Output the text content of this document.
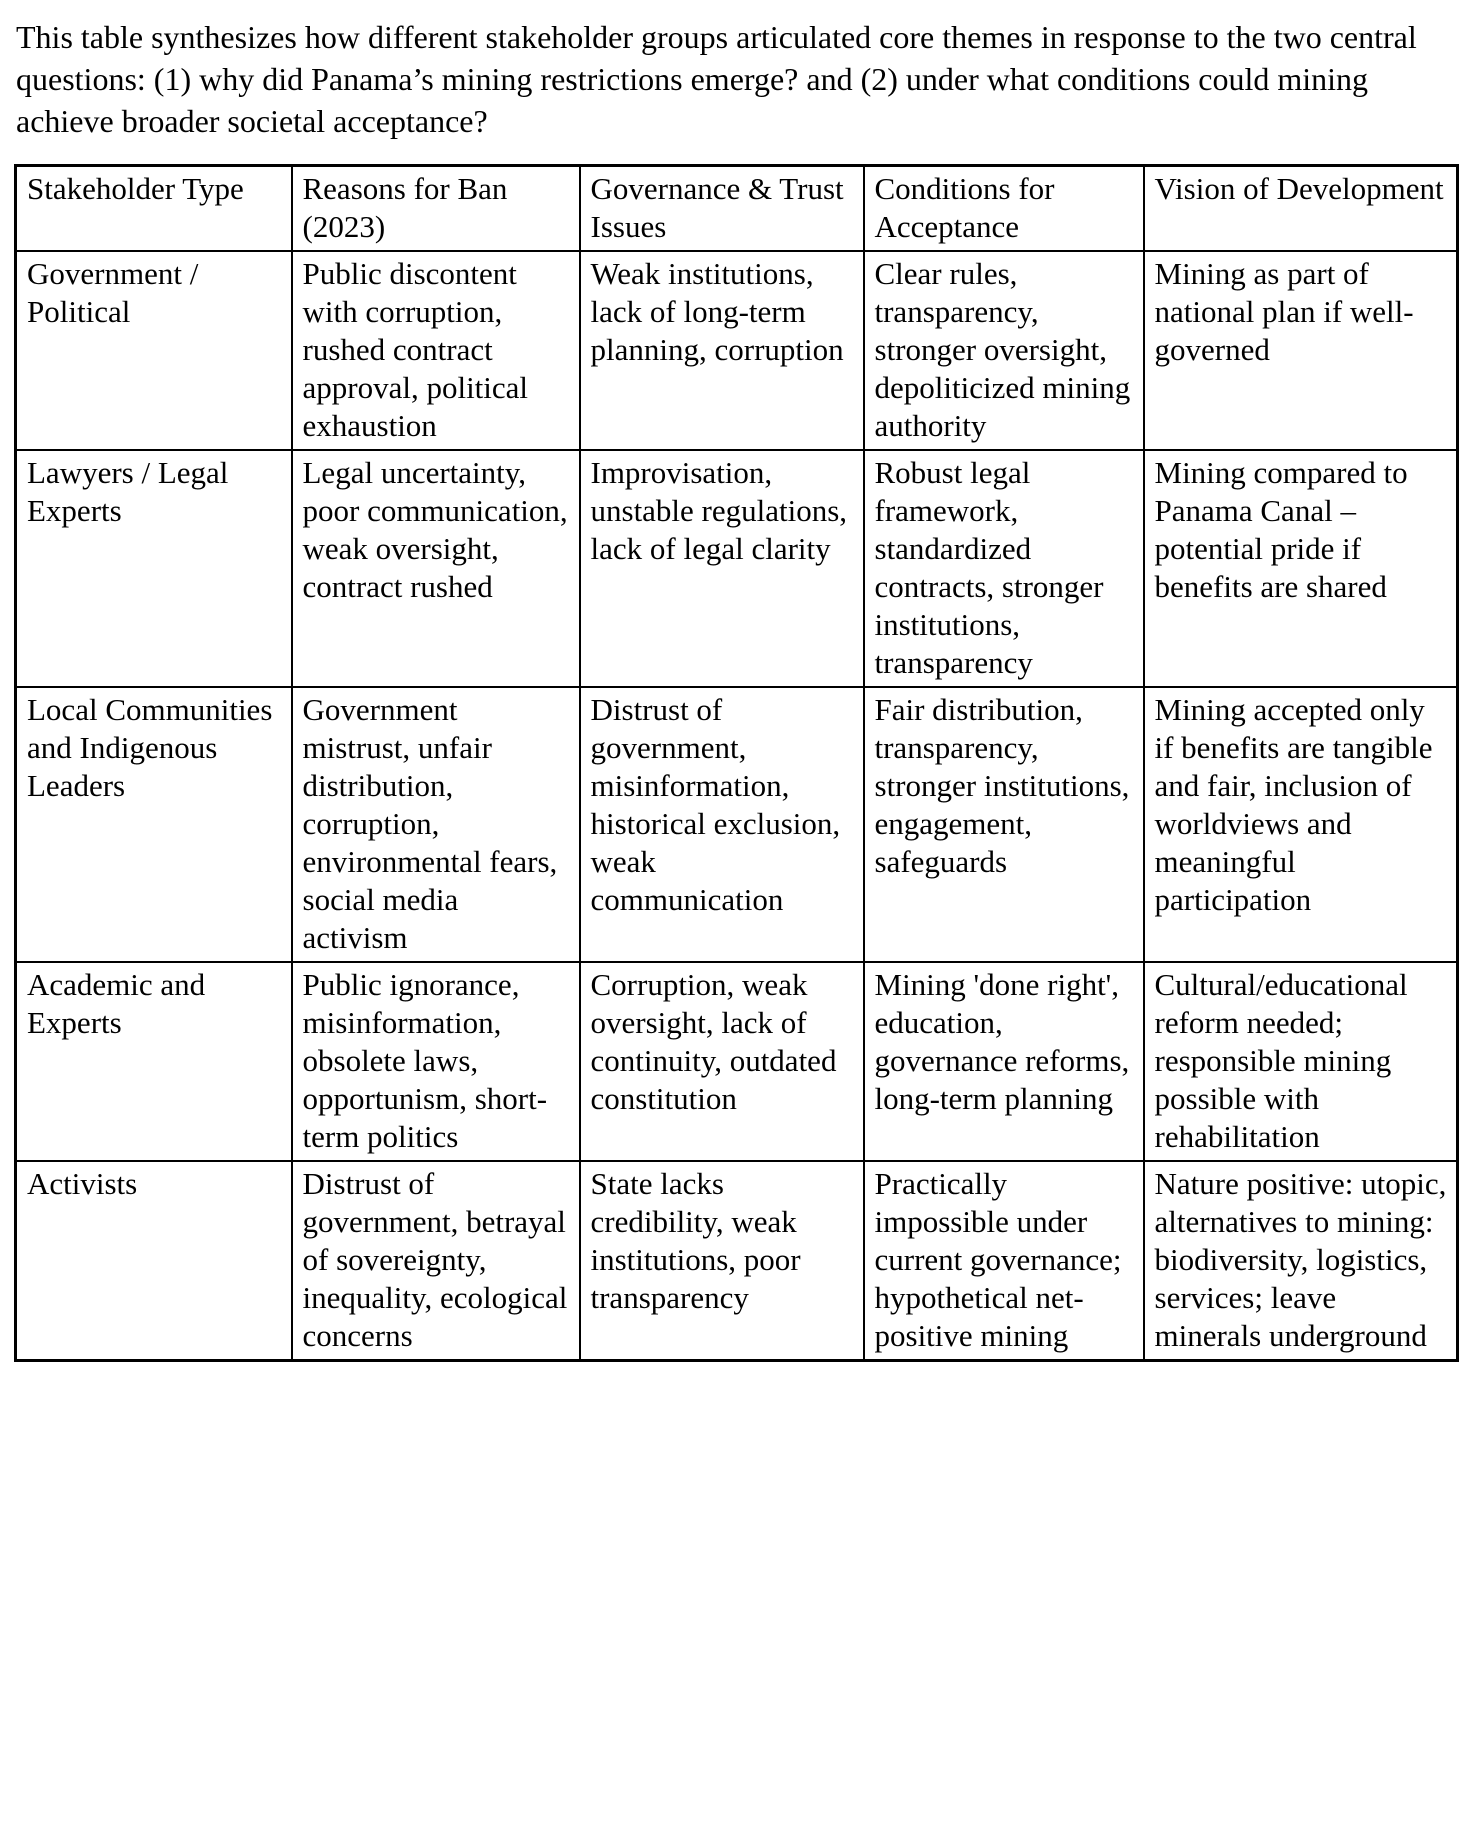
This table synthesizes how different stakeholder groups articulated core themes in response to the two central questions: (1) why did Panama’s mining restrictions emerge? and (2) under what conditions could mining achieve broader societal acceptance?

Stakeholder Type	Reasons for Ban (2023)	Governance & Trust Issues	Conditions for Acceptance	Vision of Development
Government / Political	Public discontent with corruption, rushed contract approval, political exhaustion	Weak institutions, lack of long-term planning, corruption	Clear rules, transparency, stronger oversight, depoliticized mining authority	Mining as part of national plan if well-governed
Lawyers / Legal Experts	Legal uncertainty, poor communication, weak oversight, contract rushed	Improvisation, unstable regulations, lack of legal clarity	Robust legal framework, standardized contracts, stronger institutions, transparency	Mining compared to Panama Canal – potential pride if benefits are shared
Local Communities and Indigenous Leaders	Government mistrust, unfair distribution, corruption, environmental fears, social media activism	Distrust of government, misinformation, historical exclusion, weak communication	Fair distribution, transparency, stronger institutions, engagement, safeguards	Mining accepted only if benefits are tangible and fair, inclusion of worldviews and meaningful participation
Academic and Experts	Public ignorance, misinformation, obsolete laws, opportunism, short-term politics	Corruption, weak oversight, lack of continuity, outdated constitution	Mining 'done right', education, governance reforms, long-term planning	Cultural/educational reform needed; responsible mining possible with rehabilitation
Activists	Distrust of government, betrayal of sovereignty, inequality, ecological concerns	State lacks credibility, weak institutions, poor transparency	Practically impossible under current governance; hypothetical net-positive mining	Nature positive: utopic, alternatives to mining: biodiversity, logistics, services; leave minerals underground
